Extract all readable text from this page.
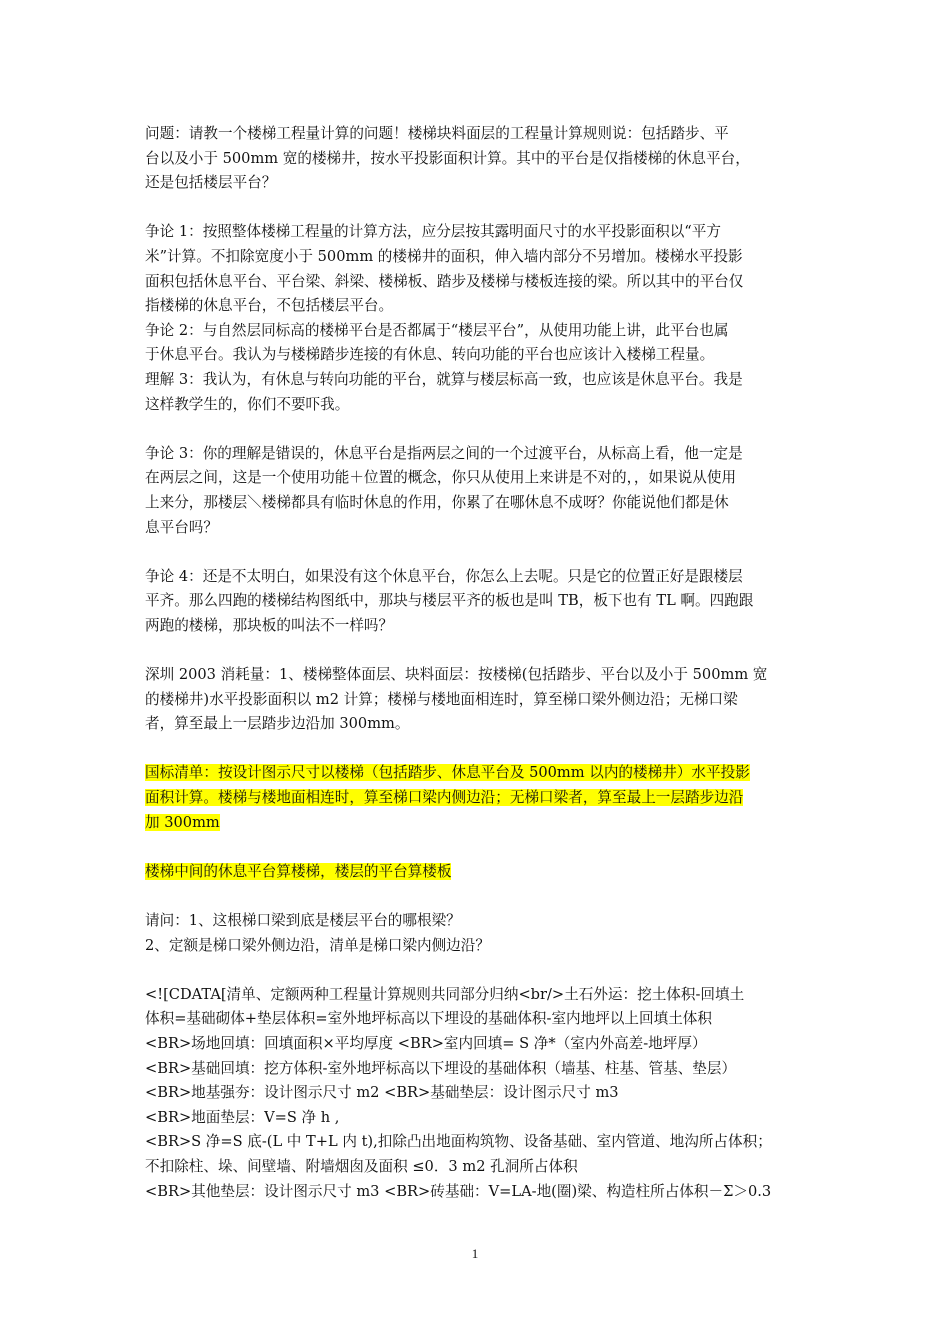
问题：请教一个楼梯工程量计算的问题！楼梯块料面层的工程量计算规则说：包括踏步、平
台以及小于 500mm 宽的楼梯井，按水平投影面积计算。其中的平台是仅指楼梯的休息平台，
还是包括楼层平台？
争论 1：按照整体楼梯工程量的计算方法，应分层按其露明面尺寸的水平投影面积以“平方
米”计算。不扣除宽度小于 500mm 的楼梯井的面积，伸入墙内部分不另增加。楼梯水平投影
面积包括休息平台、平台梁、斜梁、楼梯板、踏步及楼梯与楼板连接的梁。所以其中的平台仅
指楼梯的休息平台，不包括楼层平台。
争论 2：与自然层同标高的楼梯平台是否都属于“楼层平台”，从使用功能上讲，此平台也属
于休息平台。我认为与楼梯踏步连接的有休息、转向功能的平台也应该计入楼梯工程量。
理解 3：我认为，有休息与转向功能的平台，就算与楼层标高一致，也应该是休息平台。我是
这样教学生的，你们不要吓我。
争论 3：你的理解是错误的，休息平台是指两层之间的一个过渡平台，从标高上看，他一定是
在两层之间，这是一个使用功能＋位置的概念，你只从使用上来讲是不对的，，如果说从使用
上来分，那楼层＼楼梯都具有临时休息的作用，你累了在哪休息不成呀？你能说他们都是休
息平台吗？
争论 4：还是不太明白，如果没有这个休息平台，你怎么上去呢。只是它的位置正好是跟楼层
平齐。那么四跑的楼梯结构图纸中，那块与楼层平齐的板也是叫 TB，板下也有 TL 啊。四跑跟
两跑的楼梯，那块板的叫法不一样吗？
深圳 2003 消耗量：1、楼梯整体面层、块料面层：按楼梯(包括踏步、平台以及小于 500mm 宽
的楼梯井)水平投影面积以 m2 计算；楼梯与楼地面相连时，算至梯口梁外侧边沿；无梯口梁
者，算至最上一层踏步边沿加 300mm。
国标清单：按设计图示尺寸以楼梯（包括踏步、休息平台及 500mm 以内的楼梯井）水平投影
面积计算。楼梯与楼地面相连时，算至梯口梁内侧边沿；无梯口梁者，算至最上一层踏步边沿
加 300mm
楼梯中间的休息平台算楼梯，楼层的平台算楼板
请问：1、这根梯口梁到底是楼层平台的哪根梁？
2、定额是梯口梁外侧边沿，清单是梯口梁内侧边沿？
<![CDATA[清单、定额两种工程量计算规则共同部分归纳<br/>土石外运：挖土体积-回填土
体积=基础砌体+垫层体积=室外地坪标高以下埋设的基础体积-室内地坪以上回填土体积
<BR>场地回填：回填面积×平均厚度 <BR>室内回填= S 净*（室内外高差-地坪厚）
<BR>基础回填：挖方体积-室外地坪标高以下埋设的基础体积（墙基、柱基、管基、垫层）
<BR>地基强夯：设计图示尺寸 m2 <BR>基础垫层：设计图示尺寸 m3
<BR>地面垫层：V=S 净 h ,
<BR>S 净=S 底-(L 中 T+L 内 t),扣除凸出地面构筑物、设备基础、室内管道、地沟所占体积；
不扣除柱、垛、间壁墙、附墙烟囱及面积 ≤0．3 m2 孔洞所占体积
<BR>其他垫层：设计图示尺寸 m3 <BR>砖基础：V=LA-地(圈)梁、构造柱所占体积－Σ＞0.3
1
